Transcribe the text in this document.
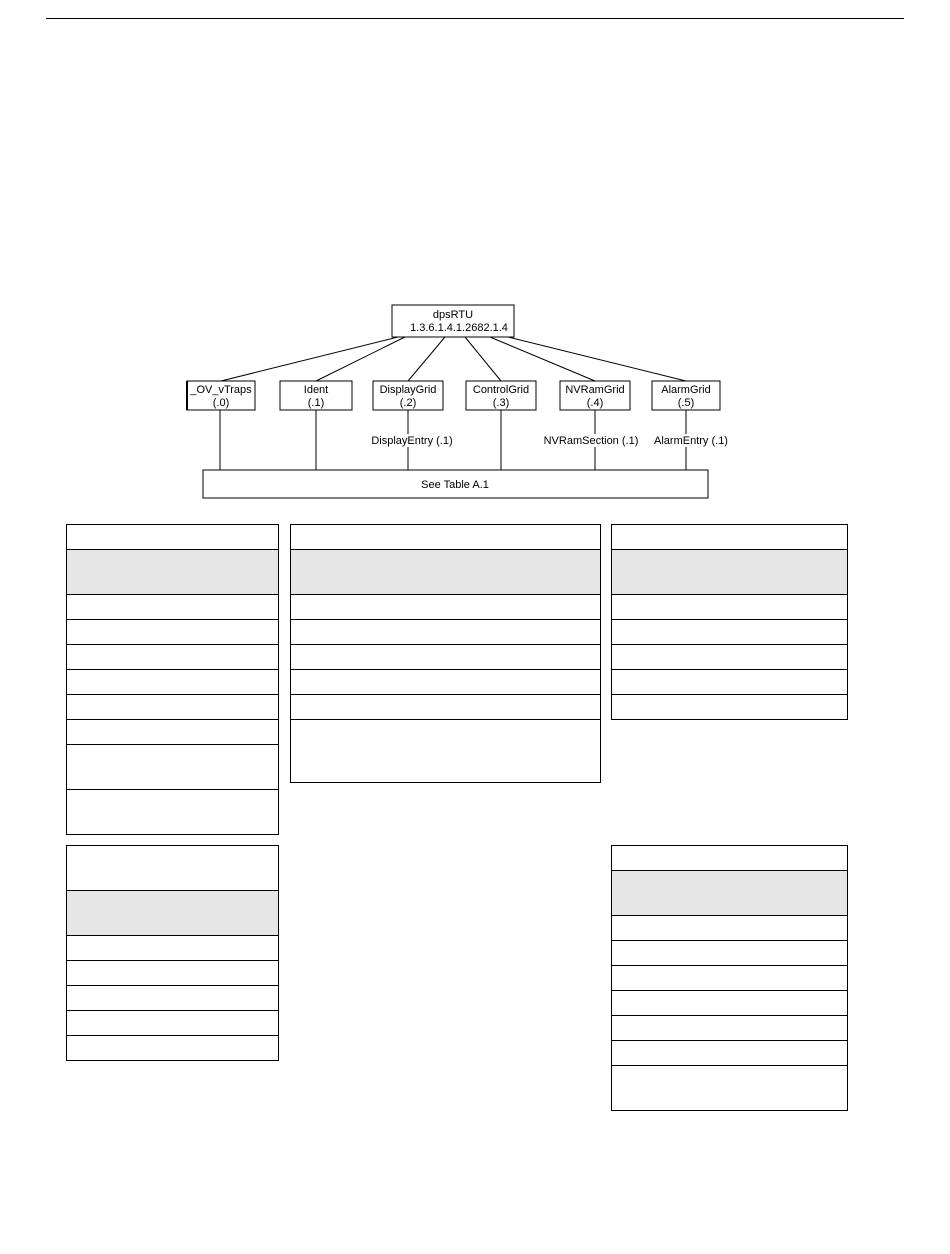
dpsRTU
1.3.6.1.4.1.2682.1.4
_OV_vTraps
(.0)
Ident
(.1)
DisplayGrid
(.2)
ControlGrid
(.3)
NVRamGrid
(.4)
AlarmGrid
(.5)
DisplayEntry (.1)	NVRamSection (.1) AlarmEntry (.1)
See Table A.1
